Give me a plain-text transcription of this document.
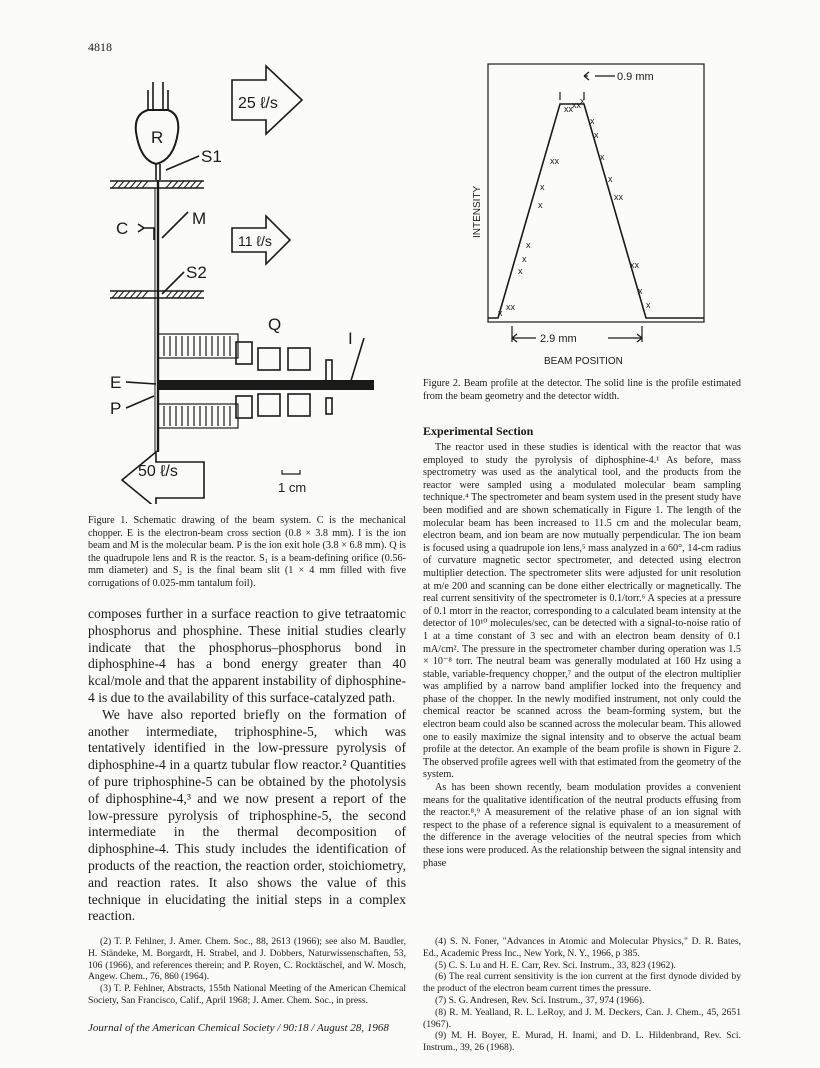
4818
25 ℓ/s
11 ℓ/s
50 ℓ/s
R
S1
C
M
S2
Q
I
E
P
1 cm
Figure 1. Schematic drawing of the beam system. C is the mechanical chopper. E is the electron-beam cross section (0.8 × 3.8 mm). I is the ion beam and M is the molecular beam. P is the ion exit hole (3.8 × 6.8 mm). Q is the quadrupole lens and R is the reactor. S₁ is a beam-defining orifice (0.56-mm diameter) and S₂ is the final beam slit (1 × 4 mm filled with five corrugations of 0.025-mm tantalum foil).
x
xx
x
x
x
x
x
xx
xx xx x
x
x
x
x
xx
xx
x
x
0.9 mm
2.9 mm
BEAM POSITION
INTENSITY
Figure 2. Beam profile at the detector. The solid line is the profile estimated from the beam geometry and the detector width.
Experimental Section

The reactor used in these studies is identical with the reactor that was employed to study the pyrolysis of diphosphine-4.¹ As before, mass spectrometry was used as the analytical tool, and the products from the reactor were sampled using a modulated molecular beam sampling technique.⁴ The spectrometer and beam system used in the present study have been modified and are shown schematically in Figure 1. The length of the molecular beam has been increased to 11.5 cm and the molecular beam, electron beam, and ion beam are now mutually perpendicular. The ion beam is focused using a quadrupole ion lens,⁵ mass analyzed in a 60°, 14-cm radius of curvature magnetic sector spectrometer, and detected using electron multiplier detection. The spectrometer slits were adjusted for unit resolution at m/e 200 and scanning can be done either electrically or magnetically. The real current sensitivity of the spectrometer is 0.1/torr.⁶ A species at a pressure of 0.1 mtorr in the reactor, corresponding to a calculated beam intensity at the detector of 10¹⁰ molecules/sec, can be detected with a signal-to-noise ratio of 1 at a time constant of 3 sec and with an electron beam density of 0.1 mA/cm². The pressure in the spectrometer chamber during operation was 1.5 × 10⁻⁸ torr. The neutral beam was generally modulated at 160 Hz using a stable, variable-frequency chopper,⁷ and the output of the electron multiplier was amplified by a narrow band amplifier locked into the frequency and phase of the chopper. In the newly modified instrument, not only could the chemical reactor be scanned across the beam-forming system, but the electron beam could also be scanned across the molecular beam. This allowed one to easily maximize the signal intensity and to observe the actual beam profile at the detector. An example of the beam profile is shown in Figure 2. The observed profile agrees well with that estimated from the geometry of the system.

As has been shown recently, beam modulation provides a convenient means for the qualitative identification of the neutral products effusing from the reactor.⁸,⁹ A measurement of the relative phase of an ion signal with respect to the phase of a reference signal is equivalent to a measurement of the difference in the average velocities of the neutral species from which these ions were produced. As the relationship between the signal intensity and phase

composes further in a surface reaction to give tetraatomic phosphorus and phosphine. These initial studies clearly indicate that the phosphorus–phosphorus bond in diphosphine-4 has a bond energy greater than 40 kcal/mole and that the apparent instability of diphosphine-4 is due to the availability of this surface-catalyzed path.

We have also reported briefly on the formation of another intermediate, triphosphine-5, which was tentatively identified in the low-pressure pyrolysis of diphosphine-4 in a quartz tubular flow reactor.² Quantities of pure triphosphine-5 can be obtained by the photolysis of diphosphine-4,³ and we now present a report of the low-pressure pyrolysis of triphosphine-5, the second intermediate in the thermal decomposition of diphosphine-4. This study includes the identification of products of the reaction, the reaction order, stoichiometry, and reaction rates. It also shows the value of this technique in elucidating the initial steps in a complex reaction.

(2) T. P. Fehlner, J. Amer. Chem. Soc., 88, 2613 (1966); see also M. Baudler, H. Ständeke, M. Borgardt, H. Strabel, and J. Dobbers, Naturwissenschaften, 53, 106 (1966), and references therein; and P. Royen, C. Rocktäschel, and W. Mosch, Angew. Chem., 76, 860 (1964).
(3) T. P. Fehlner, Abstracts, 155th National Meeting of the American Chemical Society, San Francisco, Calif., April 1968; J. Amer. Chem. Soc., in press.
(4) S. N. Foner, "Advances in Atomic and Molecular Physics," D. R. Bates, Ed., Academic Press Inc., New York, N. Y., 1966, p 385.
(5) C. S. Lu and H. E. Carr, Rev. Sci. Instrum., 33, 823 (1962).
(6) The real current sensitivity is the ion current at the first dynode divided by the product of the electron beam current times the pressure.
(7) S. G. Andresen, Rev. Sci. Instrum., 37, 974 (1966).
(8) R. M. Yealland, R. L. LeRoy, and J. M. Deckers, Can. J. Chem., 45, 2651 (1967).
(9) M. H. Boyer, E. Murad, H. Inami, and D. L. Hildenbrand, Rev. Sci. Instrum., 39, 26 (1968).
Journal of the American Chemical Society / 90:18 / August 28, 1968
